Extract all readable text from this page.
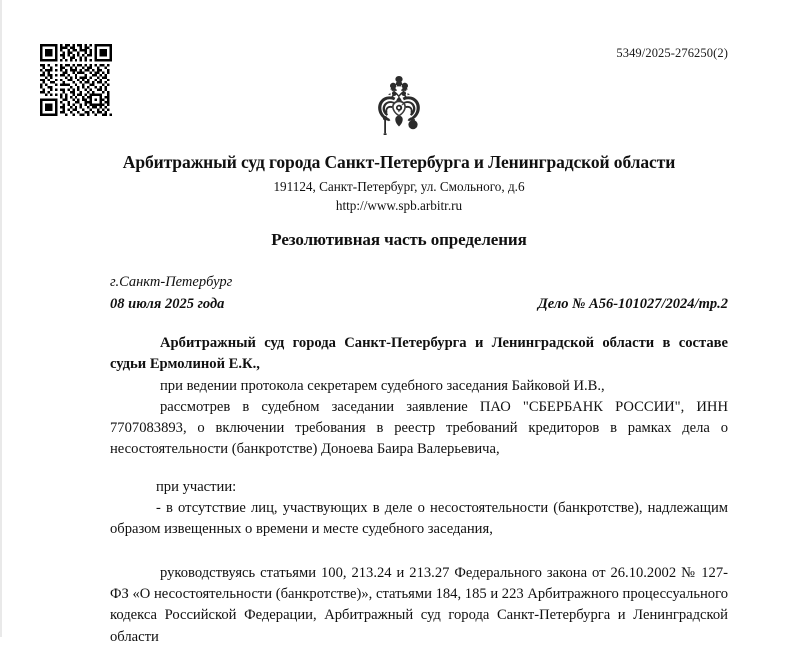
5349/2025-276250(2)
Арбитражный суд города Санкт-Петербурга и Ленинградской области
191124, Санкт-Петербург, ул. Смольного, д.6
http://www.spb.arbitr.ru
Резолютивная часть определения
г.Санкт-Петербург
08 июля 2025 года	Дело № А56-101027/2024/тр.2

Арбитражный суд города Санкт-Петербурга и Ленинградской области в составе судьи Ермолиной Е.К.,

при ведении протокола секретарем судебного заседания Байковой И.В.,

рассмотрев в судебном заседании заявление ПАО "СБЕРБАНК РОССИИ", ИНН 7707083893, о включении требования в реестр требований кредиторов в рамках дела о несостоятельности (банкротстве) Доноева Баира Валерьевича,

при участии:

- в отсутствие лиц, участвующих в деле о несостоятельности (банкротстве), надлежащим образом извещенных о времени и месте судебного заседания,

руководствуясь статьями 100, 213.24 и 213.27 Федерального закона от 26.10.2002 № 127-ФЗ «О несостоятельности (банкротстве)», статьями 184, 185 и 223 Арбитражного процессуального кодекса Российской Федерации, Арбитражный суд города Санкт-Петербурга и Ленинградской области
